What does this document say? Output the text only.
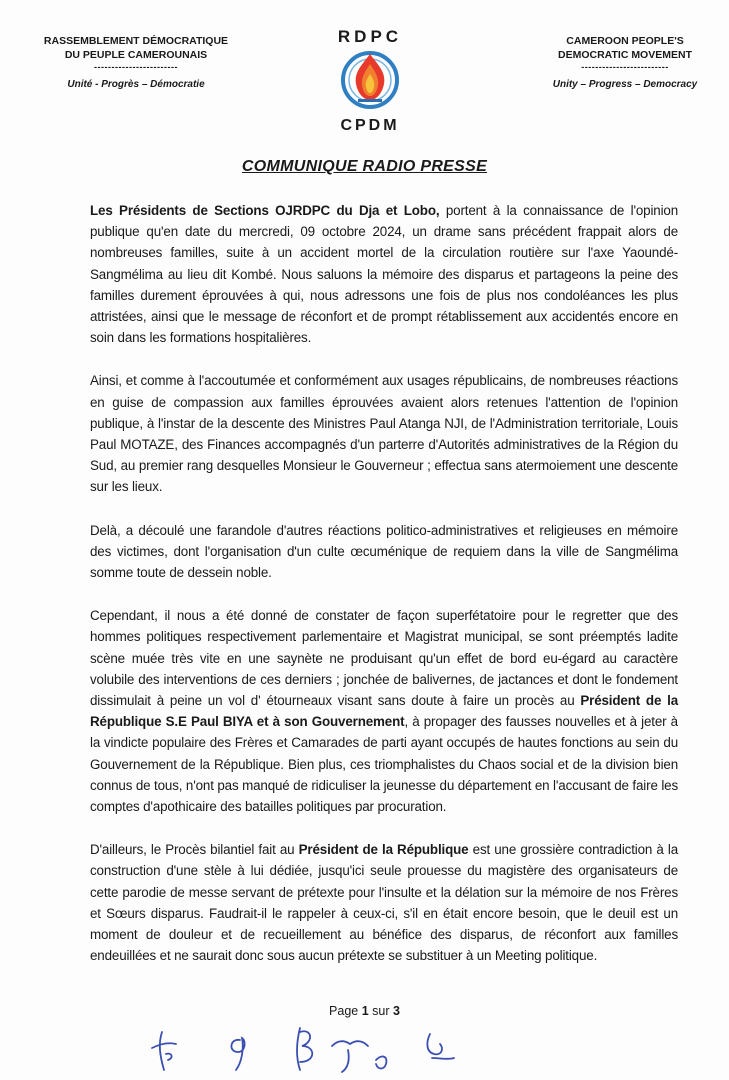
RASSEMBLEMENT DÉMOCRATIQUE
DU PEUPLE CAMEROUNAIS
------------------------
Unité - Progrès – Démocratie
RDPC
CPDM
CAMEROON PEOPLE'S
DEMOCRATIC MOVEMENT
-------------------------
Unity – Progress – Democracy
COMMUNIQUE RADIO PRESSE

Les Présidents de Sections OJRDPC du Dja et Lobo, portent à la connaissance de l'opinion publique qu'en date du mercredi, 09 octobre 2024, un drame sans précédent frappait alors de nombreuses familles, suite à un accident mortel de la circulation routière sur l'axe Yaoundé-Sangmélima au lieu dit Kombé. Nous saluons la mémoire des disparus et partageons la peine des familles durement éprouvées à qui, nous adressons une fois de plus nos condoléances les plus attristées, ainsi que le message de réconfort et de prompt rétablissement aux accidentés encore en soin dans les formations hospitalières.

Ainsi, et comme à l'accoutumée et conformément aux usages républicains, de nombreuses réactions en guise de compassion aux familles éprouvées avaient alors retenues l'attention de l'opinion publique, à l'instar de la descente des Ministres Paul Atanga NJI, de l'Administration territoriale, Louis Paul MOTAZE, des Finances accompagnés d'un parterre d'Autorités administratives de la Région du Sud, au premier rang desquelles Monsieur le Gouverneur ; effectua sans atermoiement une descente sur les lieux.

Delà, a découlé une farandole d'autres réactions politico-administratives et religieuses en mémoire des victimes, dont l'organisation d'un culte œcuménique de requiem dans la ville de Sangmélima somme toute de dessein noble.

Cependant, il nous a été donné de constater de façon superfétatoire pour le regretter que des hommes politiques respectivement parlementaire et Magistrat municipal, se sont préemptés ladite scène muée très vite en une saynète ne produisant qu'un effet de bord eu-égard au caractère volubile des interventions de ces derniers ; jonchée de balivernes, de jactances et dont le fondement dissimulait à peine un vol d' étourneaux visant sans doute à faire un procès au Président de la République S.E Paul BIYA et à son Gouvernement, à propager des fausses nouvelles et à jeter à la vindicte populaire des Frères et Camarades de parti ayant occupés de hautes fonctions au sein du Gouvernement de la République. Bien plus, ces triomphalistes du Chaos social et de la division bien connus de tous, n'ont pas manqué de ridiculiser la jeunesse du département en l'accusant de faire les comptes d'apothicaire des batailles politiques par procuration.

D'ailleurs, le Procès bilantiel fait au Président de la République est une grossière contradiction à la construction d'une stèle à lui dédiée, jusqu'ici seule prouesse du magistère des organisateurs de cette parodie de messe servant de prétexte pour l'insulte et la délation sur la mémoire de nos Frères et Sœurs disparus. Faudrait-il le rappeler à ceux-ci, s'il en était encore besoin, que le deuil est un moment de douleur et de recueillement au bénéfice des disparus, de réconfort aux familles endeuillées et ne saurait donc sous aucun prétexte se substituer à un Meeting politique.

Page 1 sur 3
